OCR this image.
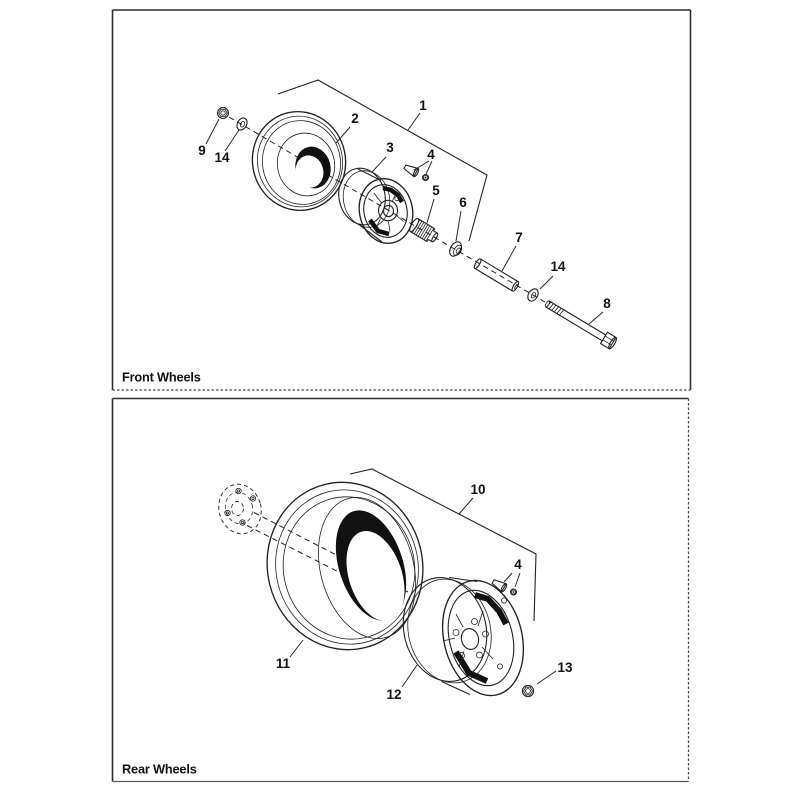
1
2
3 4
5
6
7
8
9 14
14
Front Wheels
10
11
12
4
13
Rear Wheels
